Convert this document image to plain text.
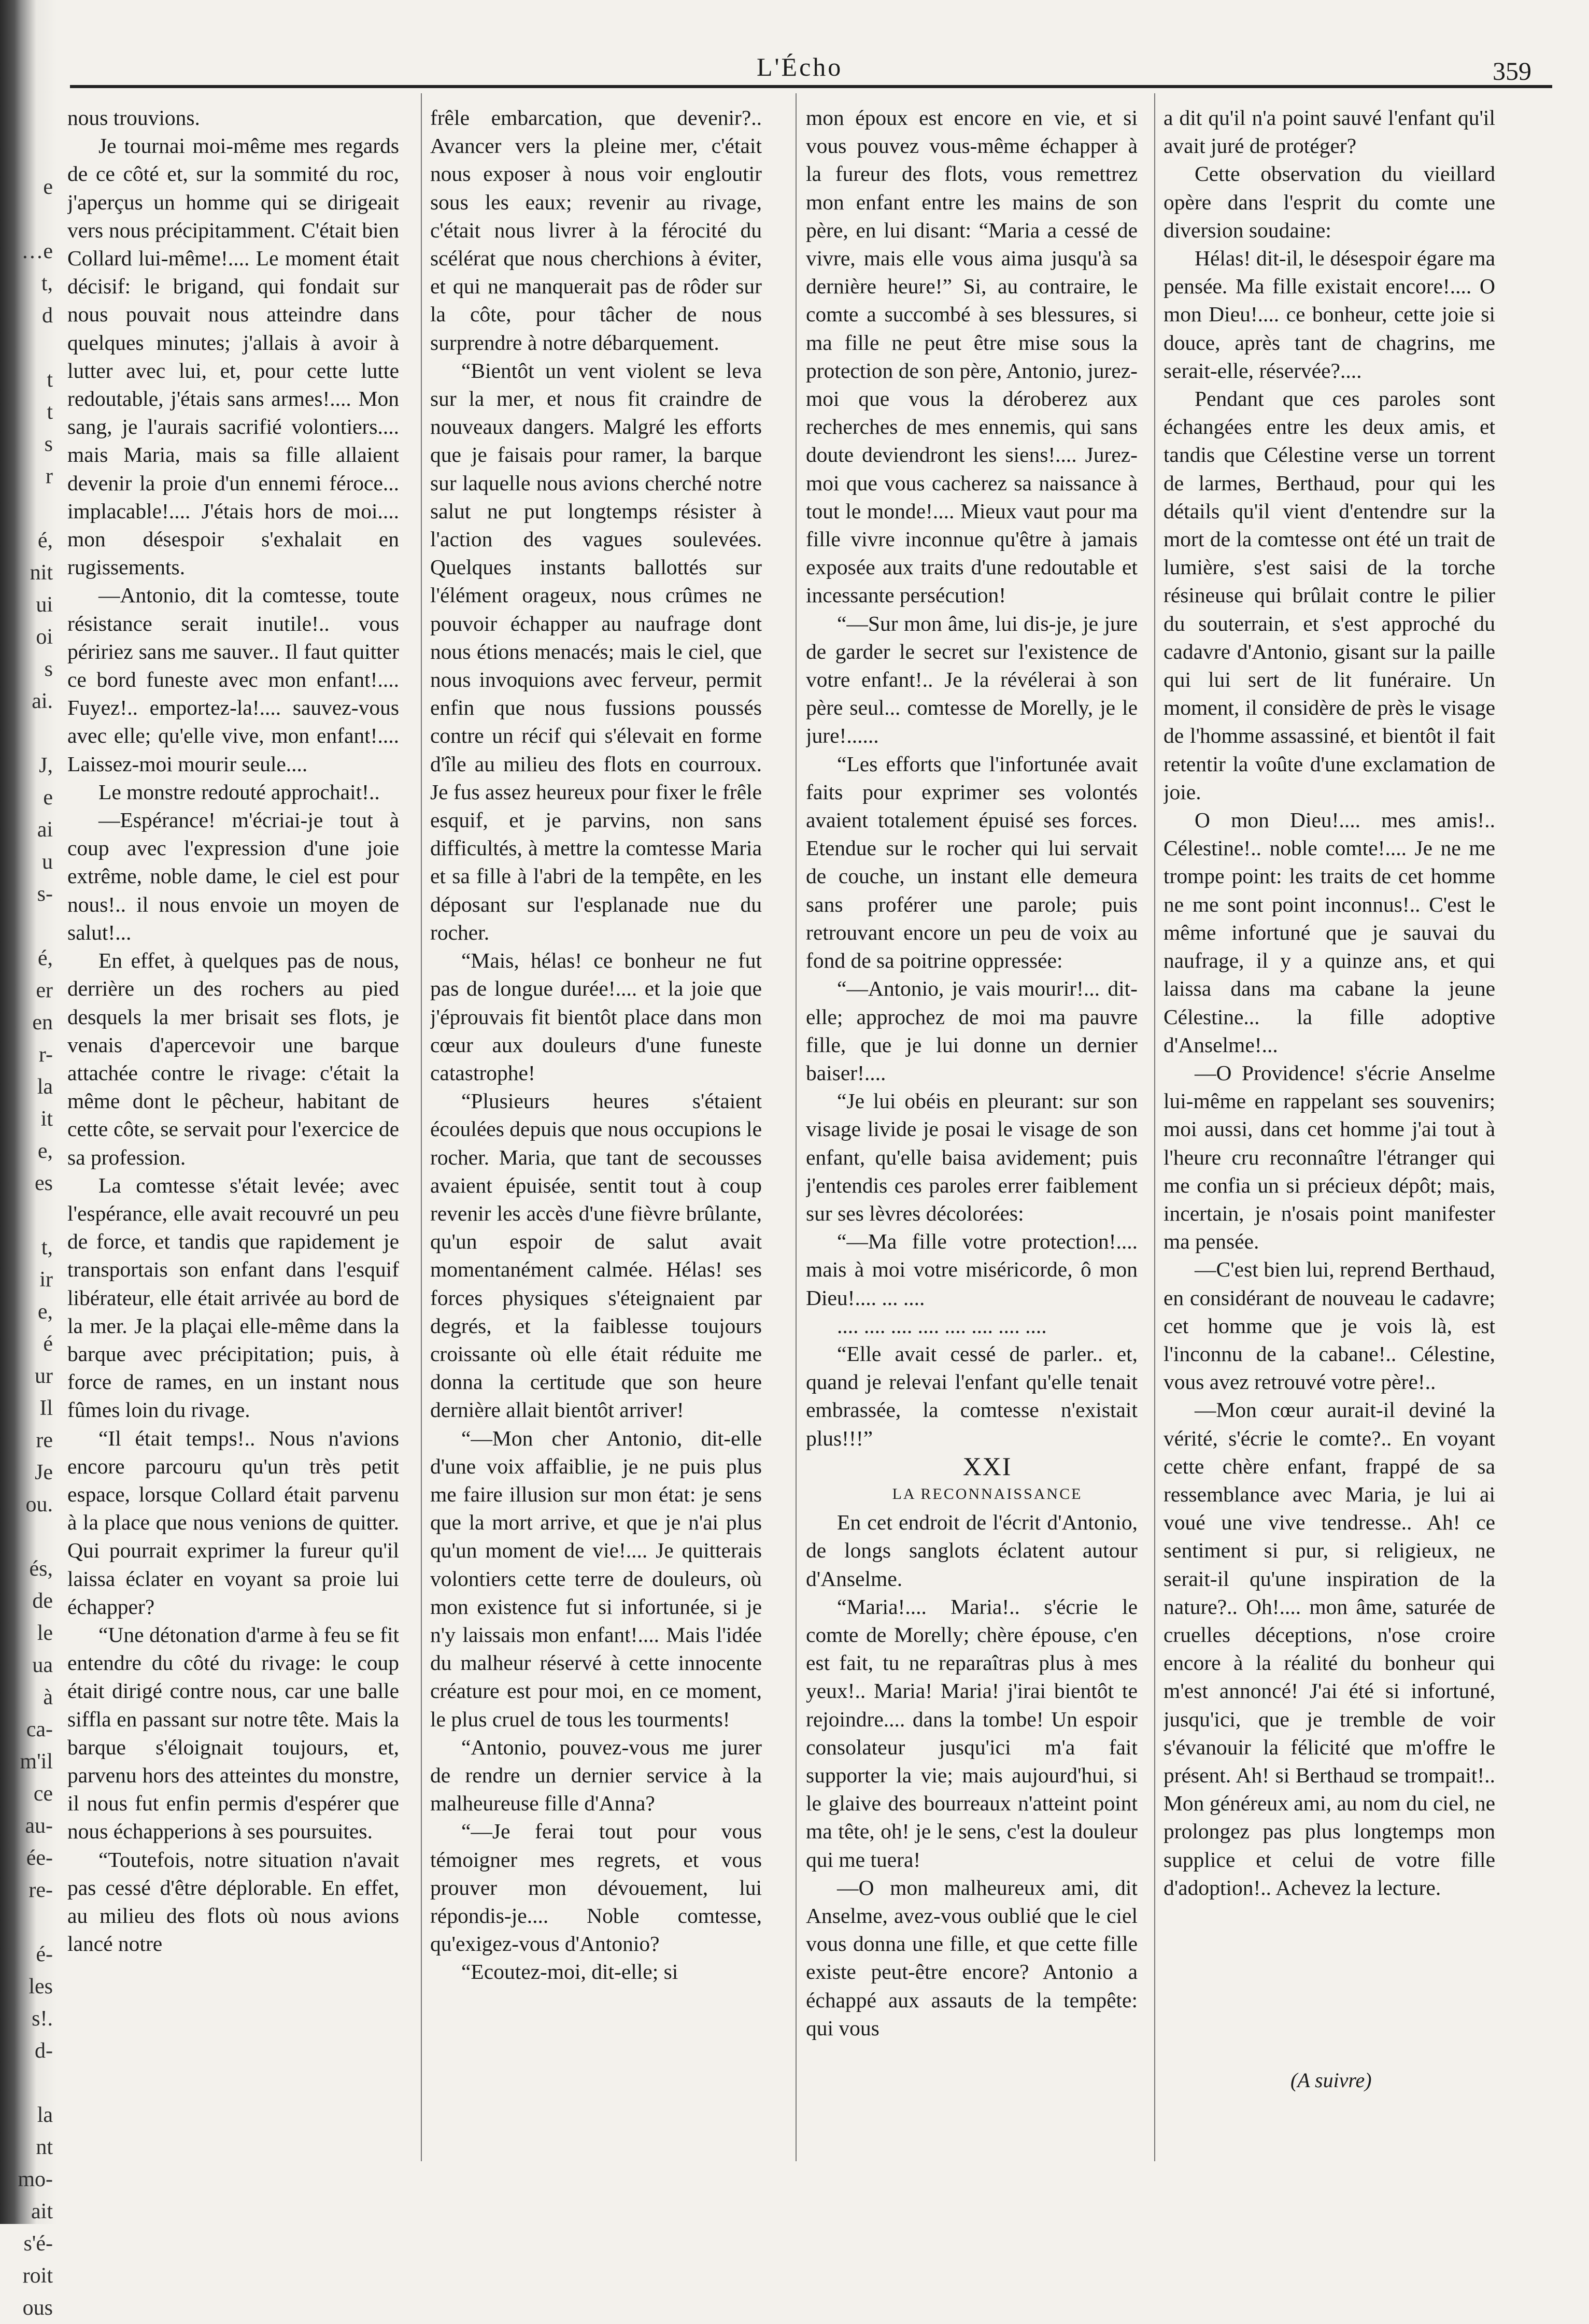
e
…e
t,
d
t
t
s
r
é,
nit
ui
oi
s
ai.
J,
e
ai
u
s-
é,
er
en
r-
la
it
e,
es
t,
ir
e,
é
ur
Il
re
Je
ou.
és,
de
le
ua
à
ca-
m'il
ce
au-
ée-
re-
é-
les
s!.
d-
la
nt
mo-
ait
s'é-
roit
ous
L'Écho	359

nous trouvions.

Je tournai moi-même mes regards de ce côté et, sur la sommité du roc, j'aperçus un homme qui se dirigeait vers nous précipitamment. C'était bien Collard lui-même!.... Le moment était décisif: le brigand, qui fondait sur nous pouvait nous atteindre dans quelques minutes; j'allais à avoir à lutter avec lui, et, pour cette lutte redoutable, j'étais sans armes!.... Mon sang, je l'aurais sacrifié volontiers.... mais Maria, mais sa fille allaient devenir la proie d'un ennemi féroce... implacable!.... J'étais hors de moi.... mon désespoir s'exhalait en rugissements.

—Antonio, dit la comtesse, toute résistance serait inutile!.. vous péririez sans me sauver.. Il faut quitter ce bord funeste avec mon enfant!.... Fuyez!.. emportez-la!.... sauvez-vous avec elle; qu'elle vive, mon enfant!.... Laissez-moi mourir seule....

Le monstre redouté approchait!..

—Espérance! m'écriai-je tout à coup avec l'expression d'une joie extrême, noble dame, le ciel est pour nous!.. il nous envoie un moyen de salut!...

En effet, à quelques pas de nous, derrière un des rochers au pied desquels la mer brisait ses flots, je venais d'apercevoir une barque attachée contre le rivage: c'était la même dont le pêcheur, habitant de cette côte, se servait pour l'exercice de sa profession.

La comtesse s'était levée; avec l'espérance, elle avait recouvré un peu de force, et tandis que rapidement je transportais son enfant dans l'esquif libérateur, elle était arrivée au bord de la mer. Je la plaçai elle-même dans la barque avec précipitation; puis, à force de rames, en un instant nous fûmes loin du rivage.

“Il était temps!.. Nous n'avions encore parcouru qu'un très petit espace, lorsque Collard était parvenu à la place que nous venions de quitter. Qui pourrait exprimer la fureur qu'il laissa éclater en voyant sa proie lui échapper?

“Une détonation d'arme à feu se fit entendre du côté du rivage: le coup était dirigé contre nous, car une balle siffla en passant sur notre tête. Mais la barque s'éloignait toujours, et, parvenu hors des atteintes du monstre, il nous fut enfin permis d'espérer que nous échapperions à ses poursuites.

“Toutefois, notre situation n'avait pas cessé d'être déplorable. En effet, au milieu des flots où nous avions lancé notre

frêle embarcation, que devenir?.. Avancer vers la pleine mer, c'était nous exposer à nous voir engloutir sous les eaux; revenir au rivage, c'était nous livrer à la férocité du scélérat que nous cherchions à éviter, et qui ne manquerait pas de rôder sur la côte, pour tâcher de nous surprendre à notre débarquement.

“Bientôt un vent violent se leva sur la mer, et nous fit craindre de nouveaux dangers. Malgré les efforts que je faisais pour ramer, la barque sur laquelle nous avions cherché notre salut ne put longtemps résister à l'action des vagues soulevées. Quelques instants ballottés sur l'élément orageux, nous crûmes ne pouvoir échapper au naufrage dont nous étions menacés; mais le ciel, que nous invoquions avec ferveur, permit enfin que nous fussions poussés contre un récif qui s'élevait en forme d'île au milieu des flots en courroux. Je fus assez heureux pour fixer le frêle esquif, et je parvins, non sans difficultés, à mettre la comtesse Maria et sa fille à l'abri de la tempête, en les déposant sur l'esplanade nue du rocher.

“Mais, hélas! ce bonheur ne fut pas de longue durée!.... et la joie que j'éprouvais fit bientôt place dans mon cœur aux douleurs d'une funeste catastrophe!

“Plusieurs heures s'étaient écoulées depuis que nous occupions le rocher. Maria, que tant de secousses avaient épuisée, sentit tout à coup revenir les accès d'une fièvre brûlante, qu'un espoir de salut avait momentanément calmée. Hélas! ses forces physiques s'éteignaient par degrés, et la faiblesse toujours croissante où elle était réduite me donna la certitude que son heure dernière allait bientôt arriver!

“—Mon cher Antonio, dit-elle d'une voix affaiblie, je ne puis plus me faire illusion sur mon état: je sens que la mort arrive, et que je n'ai plus qu'un moment de vie!.... Je quitterais volontiers cette terre de douleurs, où mon existence fut si infortunée, si je n'y laissais mon enfant!.... Mais l'idée du malheur réservé à cette innocente créature est pour moi, en ce moment, le plus cruel de tous les tourments!

“Antonio, pouvez-vous me jurer de rendre un dernier service à la malheureuse fille d'Anna?

“—Je ferai tout pour vous témoigner mes regrets, et vous prouver mon dévouement, lui répondis-je.... Noble comtesse, qu'exigez-vous d'Antonio?

“Ecoutez-moi, dit-elle; si

mon époux est encore en vie, et si vous pouvez vous-même échapper à la fureur des flots, vous remettrez mon enfant entre les mains de son père, en lui disant: “Maria a cessé de vivre, mais elle vous aima jusqu'à sa dernière heure!” Si, au contraire, le comte a succombé à ses blessures, si ma fille ne peut être mise sous la protection de son père, Antonio, jurez-moi que vous la déroberez aux recherches de mes ennemis, qui sans doute deviendront les siens!.... Jurez-moi que vous cacherez sa naissance à tout le monde!.... Mieux vaut pour ma fille vivre inconnue qu'être à jamais exposée aux traits d'une redoutable et incessante persécution!

“—Sur mon âme, lui dis-je, je jure de garder le secret sur l'existence de votre enfant!.. Je la révélerai à son père seul... comtesse de Morelly, je le jure!......

“Les efforts que l'infortunée avait faits pour exprimer ses volontés avaient totalement épuisé ses forces. Etendue sur le rocher qui lui servait de couche, un instant elle demeura sans proférer une parole; puis retrouvant encore un peu de voix au fond de sa poitrine oppressée:

“—Antonio, je vais mourir!... dit-elle; approchez de moi ma pauvre fille, que je lui donne un dernier baiser!....

“Je lui obéis en pleurant: sur son visage livide je posai le visage de son enfant, qu'elle baisa avidement; puis j'entendis ces paroles errer faiblement sur ses lèvres décolorées:

“—Ma fille votre protection!.... mais à moi votre miséricorde, ô mon Dieu!.... ... ....

.... .... .... .... .... .... .... ....

“Elle avait cessé de parler.. et, quand je relevai l'enfant qu'elle tenait embrassée, la comtesse n'existait plus!!!”

XXI

LA RECONNAISSANCE

En cet endroit de l'écrit d'Antonio, de longs sanglots éclatent autour d'Anselme.

“Maria!.... Maria!.. s'écrie le comte de Morelly; chère épouse, c'en est fait, tu ne reparaîtras plus à mes yeux!.. Maria! Maria! j'irai bientôt te rejoindre.... dans la tombe! Un espoir consolateur jusqu'ici m'a fait supporter la vie; mais aujourd'hui, si le glaive des bourreaux n'atteint point ma tête, oh! je le sens, c'est la douleur qui me tuera!

—O mon malheureux ami, dit Anselme, avez-vous oublié que le ciel vous donna une fille, et que cette fille existe peut-être encore? Antonio a échappé aux assauts de la tempête: qui vous

a dit qu'il n'a point sauvé l'enfant qu'il avait juré de protéger?

Cette observation du vieillard opère dans l'esprit du comte une diversion soudaine:

Hélas! dit-il, le désespoir égare ma pensée. Ma fille existait encore!.... O mon Dieu!.... ce bonheur, cette joie si douce, après tant de chagrins, me serait-elle, réservée?....

Pendant que ces paroles sont échangées entre les deux amis, et tandis que Célestine verse un torrent de larmes, Berthaud, pour qui les détails qu'il vient d'entendre sur la mort de la comtesse ont été un trait de lumière, s'est saisi de la torche résineuse qui brûlait contre le pilier du souterrain, et s'est approché du cadavre d'Antonio, gisant sur la paille qui lui sert de lit funéraire. Un moment, il considère de près le visage de l'homme assassiné, et bientôt il fait retentir la voûte d'une exclamation de joie.

O mon Dieu!.... mes amis!.. Célestine!.. noble comte!.... Je ne me trompe point: les traits de cet homme ne me sont point inconnus!.. C'est le même infortuné que je sauvai du naufrage, il y a quinze ans, et qui laissa dans ma cabane la jeune Célestine... la fille adoptive d'Anselme!...

—O Providence! s'écrie Anselme lui-même en rappelant ses souvenirs; moi aussi, dans cet homme j'ai tout à l'heure cru reconnaître l'étranger qui me confia un si précieux dépôt; mais, incertain, je n'osais point manifester ma pensée.

—C'est bien lui, reprend Berthaud, en considérant de nouveau le cadavre; cet homme que je vois là, est l'inconnu de la cabane!.. Célestine, vous avez retrouvé votre père!..

—Mon cœur aurait-il deviné la vérité, s'écrie le comte?.. En voyant cette chère enfant, frappé de sa ressemblance avec Maria, je lui ai voué une vive tendresse.. Ah! ce sentiment si pur, si religieux, ne serait-il qu'une inspiration de la nature?.. Oh!.... mon âme, saturée de cruelles déceptions, n'ose croire encore à la réalité du bonheur qui m'est annoncé! J'ai été si infortuné, jusqu'ici, que je tremble de voir s'évanouir la félicité que m'offre le présent. Ah! si Berthaud se trompait!.. Mon généreux ami, au nom du ciel, ne prolongez pas plus longtemps mon supplice et celui de votre fille d'adoption!.. Achevez la lecture.

(A suivre)
